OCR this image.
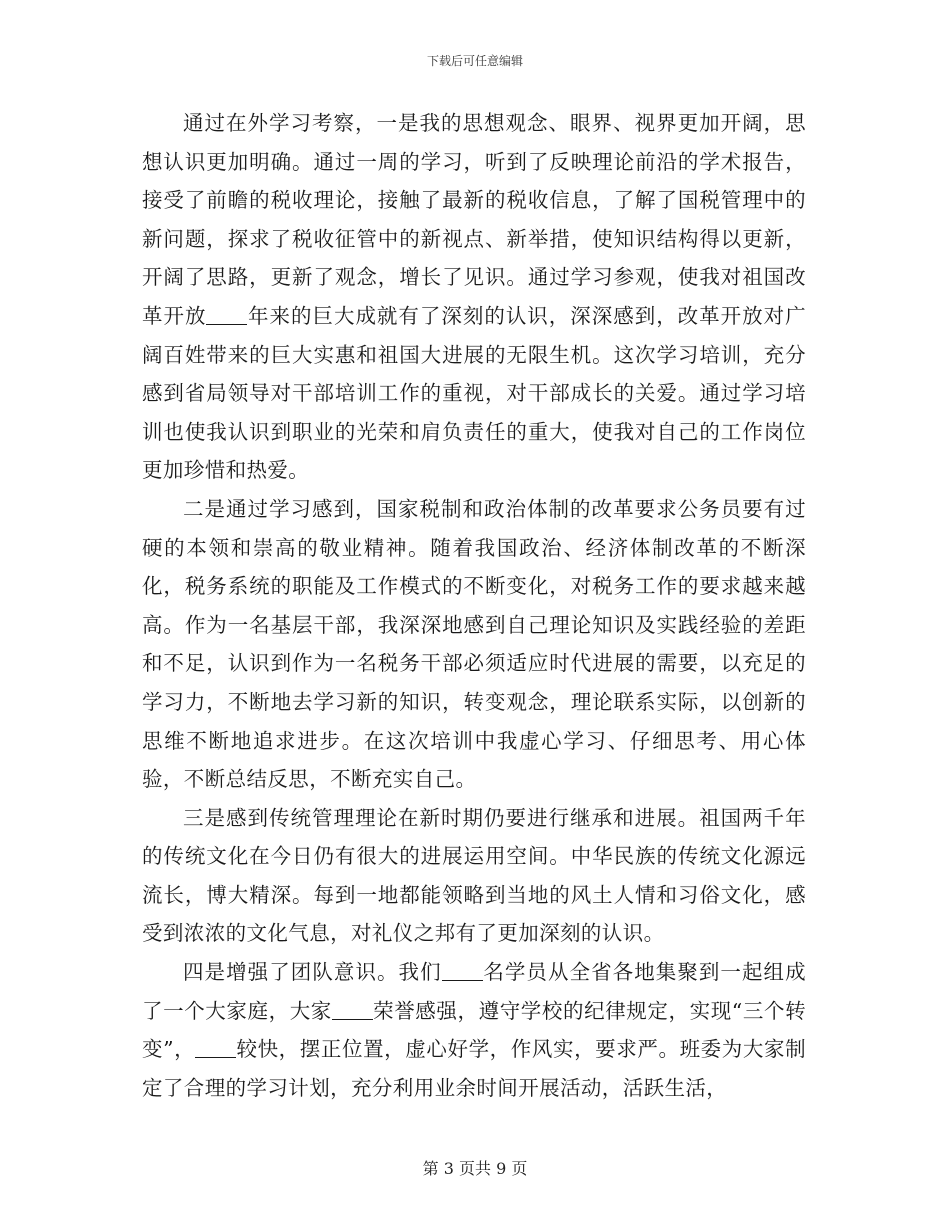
下载后可任意编辑

通过在外学习考察，一是我的思想观念、眼界、视界更加开阔，思想认识更加明确。通过一周的学习，听到了反映理论前沿的学术报告，接受了前瞻的税收理论，接触了最新的税收信息，了解了国税管理中的新问题，探求了税收征管中的新视点、新举措，使知识结构得以更新，开阔了思路，更新了观念，增长了见识。通过学习参观，使我对祖国改革开放 年来的巨大成就有了深刻的认识，深深感到，改革开放对广阔百姓带来的巨大实惠和祖国大进展的无限生机。这次学习培训，充分感到省局领导对干部培训工作的重视，对干部成长的关爱。通过学习培训也使我认识到职业的光荣和肩负责任的重大，使我对自己的工作岗位更加珍惜和热爱。

二是通过学习感到，国家税制和政治体制的改革要求公务员要有过硬的本领和崇高的敬业精神。随着我国政治、经济体制改革的不断深化，税务系统的职能及工作模式的不断变化，对税务工作的要求越来越高。作为一名基层干部，我深深地感到自己理论知识及实践经验的差距和不足，认识到作为一名税务干部必须适应时代进展的需要，以充足的学习力，不断地去学习新的知识，转变观念，理论联系实际，以创新的思维不断地追求进步。在这次培训中我虚心学习、仔细思考、用心体验，不断总结反思，不断充实自己。

三是感到传统管理理论在新时期仍要进行继承和进展。祖国两千年的传统文化在今日仍有很大的进展运用空间。中华民族的传统文化源远流长，博大精深。每到一地都能领略到当地的风土人情和习俗文化，感受到浓浓的文化气息，对礼仪之邦有了更加深刻的认识。

四是增强了团队意识。我们 名学员从全省各地集聚到一起组成了一个大家庭，大家 荣誉感强，遵守学校的纪律规定，实现“三个转变”， 较快，摆正位置，虚心好学，作风实，要求严。班委为大家制定了合理的学习计划，充分利用业余时间开展活动，活跃生活，

第 3 页共 9 页
